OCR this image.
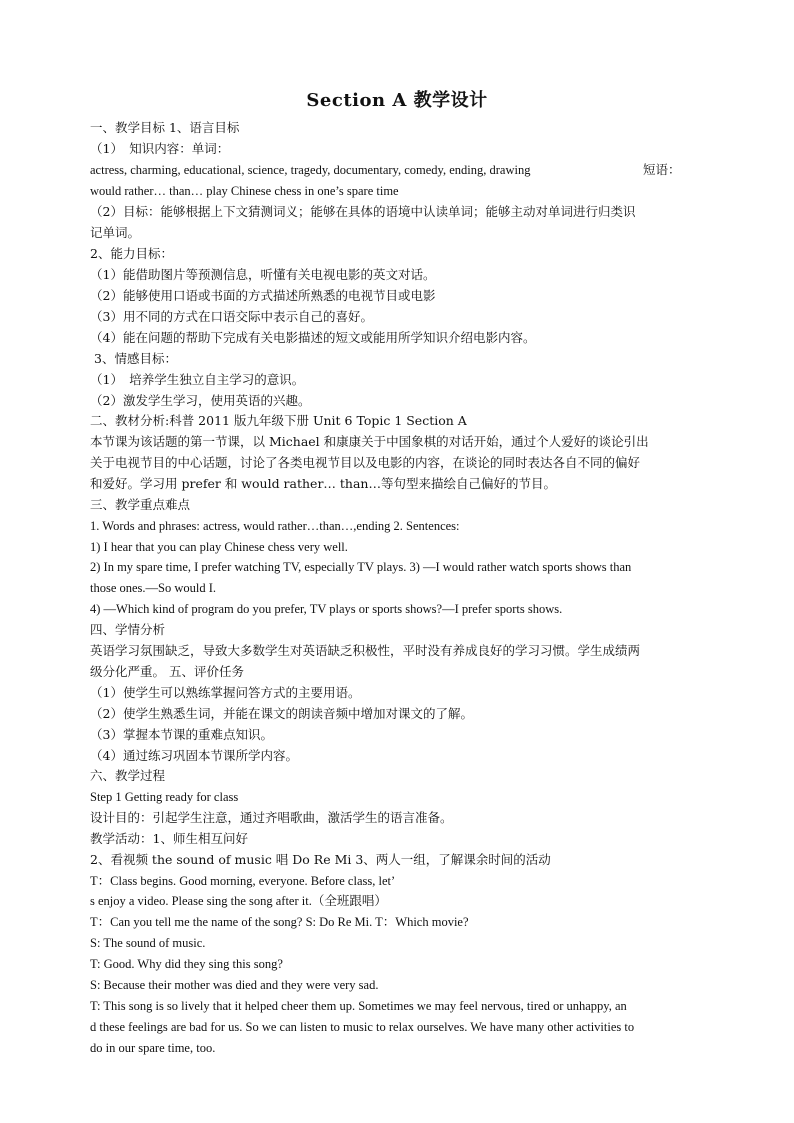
Section A 教学设计
一、教学目标 1、语言目标
（1）　知识内容：单词：
actress, charming, educational, science, tragedy, documentary, comedy, ending, drawing	短语：
would rather… than… play Chinese chess in one’s spare time
（2）目标：能够根据上下文猜测词义；能够在具体的语境中认读单词；能够主动对单词进行归类识
记单词。
2、能力目标：
（1）能借助图片等预测信息，听懂有关电视电影的英文对话。
（2）能够使用口语或书面的方式描述所熟悉的电视节目或电影
（3）用不同的方式在口语交际中表示自己的喜好。
（4）能在问题的帮助下完成有关电影描述的短文或能用所学知识介绍电影内容。
3、情感目标：
（1）　培养学生独立自主学习的意识。
（2）激发学生学习，使用英语的兴趣。
二、教材分析:科普 2011 版九年级下册 Unit 6 Topic 1 Section A
本节课为该话题的第一节课，以 Michael 和康康关于中国象棋的对话开始，通过个人爱好的谈论引出
关于电视节目的中心话题，讨论了各类电视节目以及电影的内容，在谈论的同时表达各自不同的偏好
和爱好。学习用 prefer 和 would rather… than…等句型来描绘自己偏好的节目。
三、教学重点难点
1. Words and phrases: actress, would rather…than…,ending 2. Sentences:
1) I hear that you can play Chinese chess very well.
2) In my spare time, I prefer watching TV, especially TV plays. 3) —I would rather watch sports shows than
those ones.—So would I.
4) —Which kind of program do you prefer, TV plays or sports shows?—I prefer sports shows.
四、学情分析
英语学习氛围缺乏，导致大多数学生对英语缺乏积极性，平时没有养成良好的学习习惯。学生成绩两
级分化严重。 五、评价任务
（1）使学生可以熟练掌握问答方式的主要用语。
（2）使学生熟悉生词，并能在课文的朗读音频中增加对课文的了解。
（3）掌握本节课的重难点知识。
（4）通过练习巩固本节课所学内容。
六、教学过程
Step 1 Getting ready for class
设计目的：引起学生注意，通过齐唱歌曲，激活学生的语言准备。
教学活动：1、师生相互问好
2、看视频 the sound of music 唱 Do Re Mi 3、两人一组，了解课余时间的活动
T：Class begins. Good morning, everyone. Before class, let’
s enjoy a video. Please sing the song after it.（全班跟唱）
T：Can you tell me the name of the song? S: Do Re Mi. T：Which movie?
S: The sound of music.
T: Good. Why did they sing this song?
S: Because their mother was died and they were very sad.
T: This song is so lively that it helped cheer them up. Sometimes we may feel nervous, tired or unhappy, an
d these feelings are bad for us. So we can listen to music to relax ourselves. We have many other activities to
do in our spare time, too.
